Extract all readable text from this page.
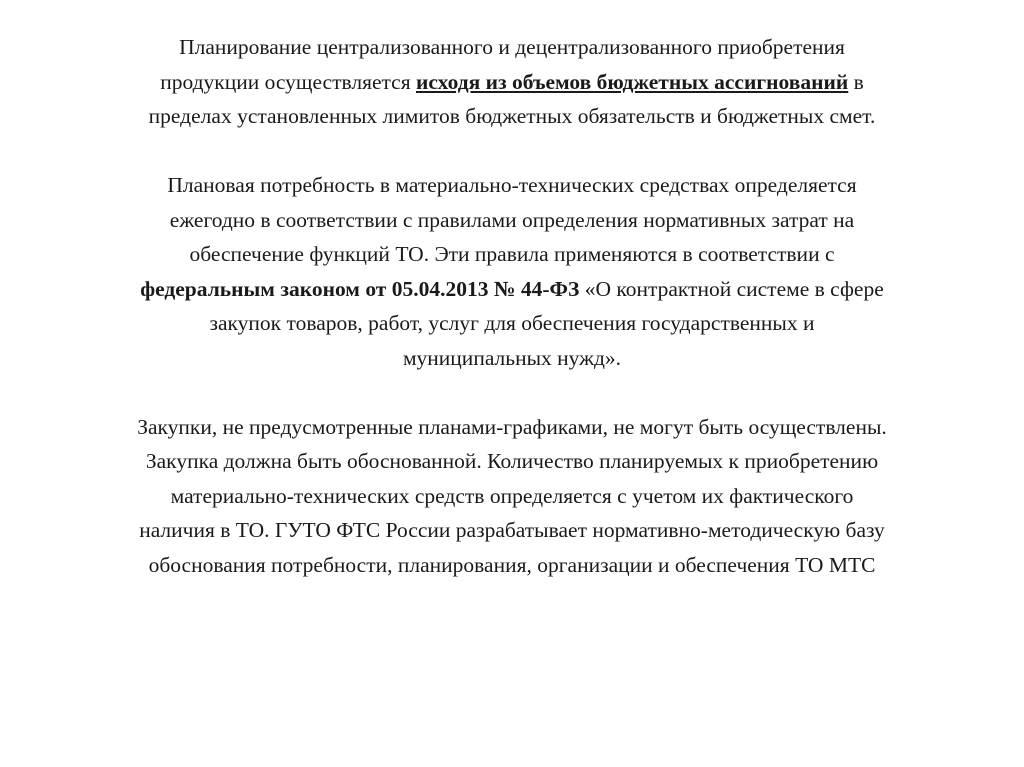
Планирование централизованного и децентрализованного приобретения
продукции осуществляется исходя из объемов бюджетных ассигнований в
пределах установленных лимитов бюджетных обязательств и бюджетных смет.

Плановая потребность в материально-технических средствах определяется
ежегодно в соответствии с правилами определения нормативных затрат на
обеспечение функций ТО. Эти правила применяются в соответствии с
федеральным законом от 05.04.2013 № 44-ФЗ «О контрактной системе в сфере
закупок товаров, работ, услуг для обеспечения государственных и
муниципальных нужд».

Закупки, не предусмотренные планами-графиками, не могут быть осуществлены.
Закупка должна быть обоснованной. Количество планируемых к приобретению
материально-технических средств определяется с учетом их фактического
наличия в ТО. ГУТО ФТС России разрабатывает нормативно-методическую базу
обоснования потребности, планирования, организации и обеспечения ТО МТС
